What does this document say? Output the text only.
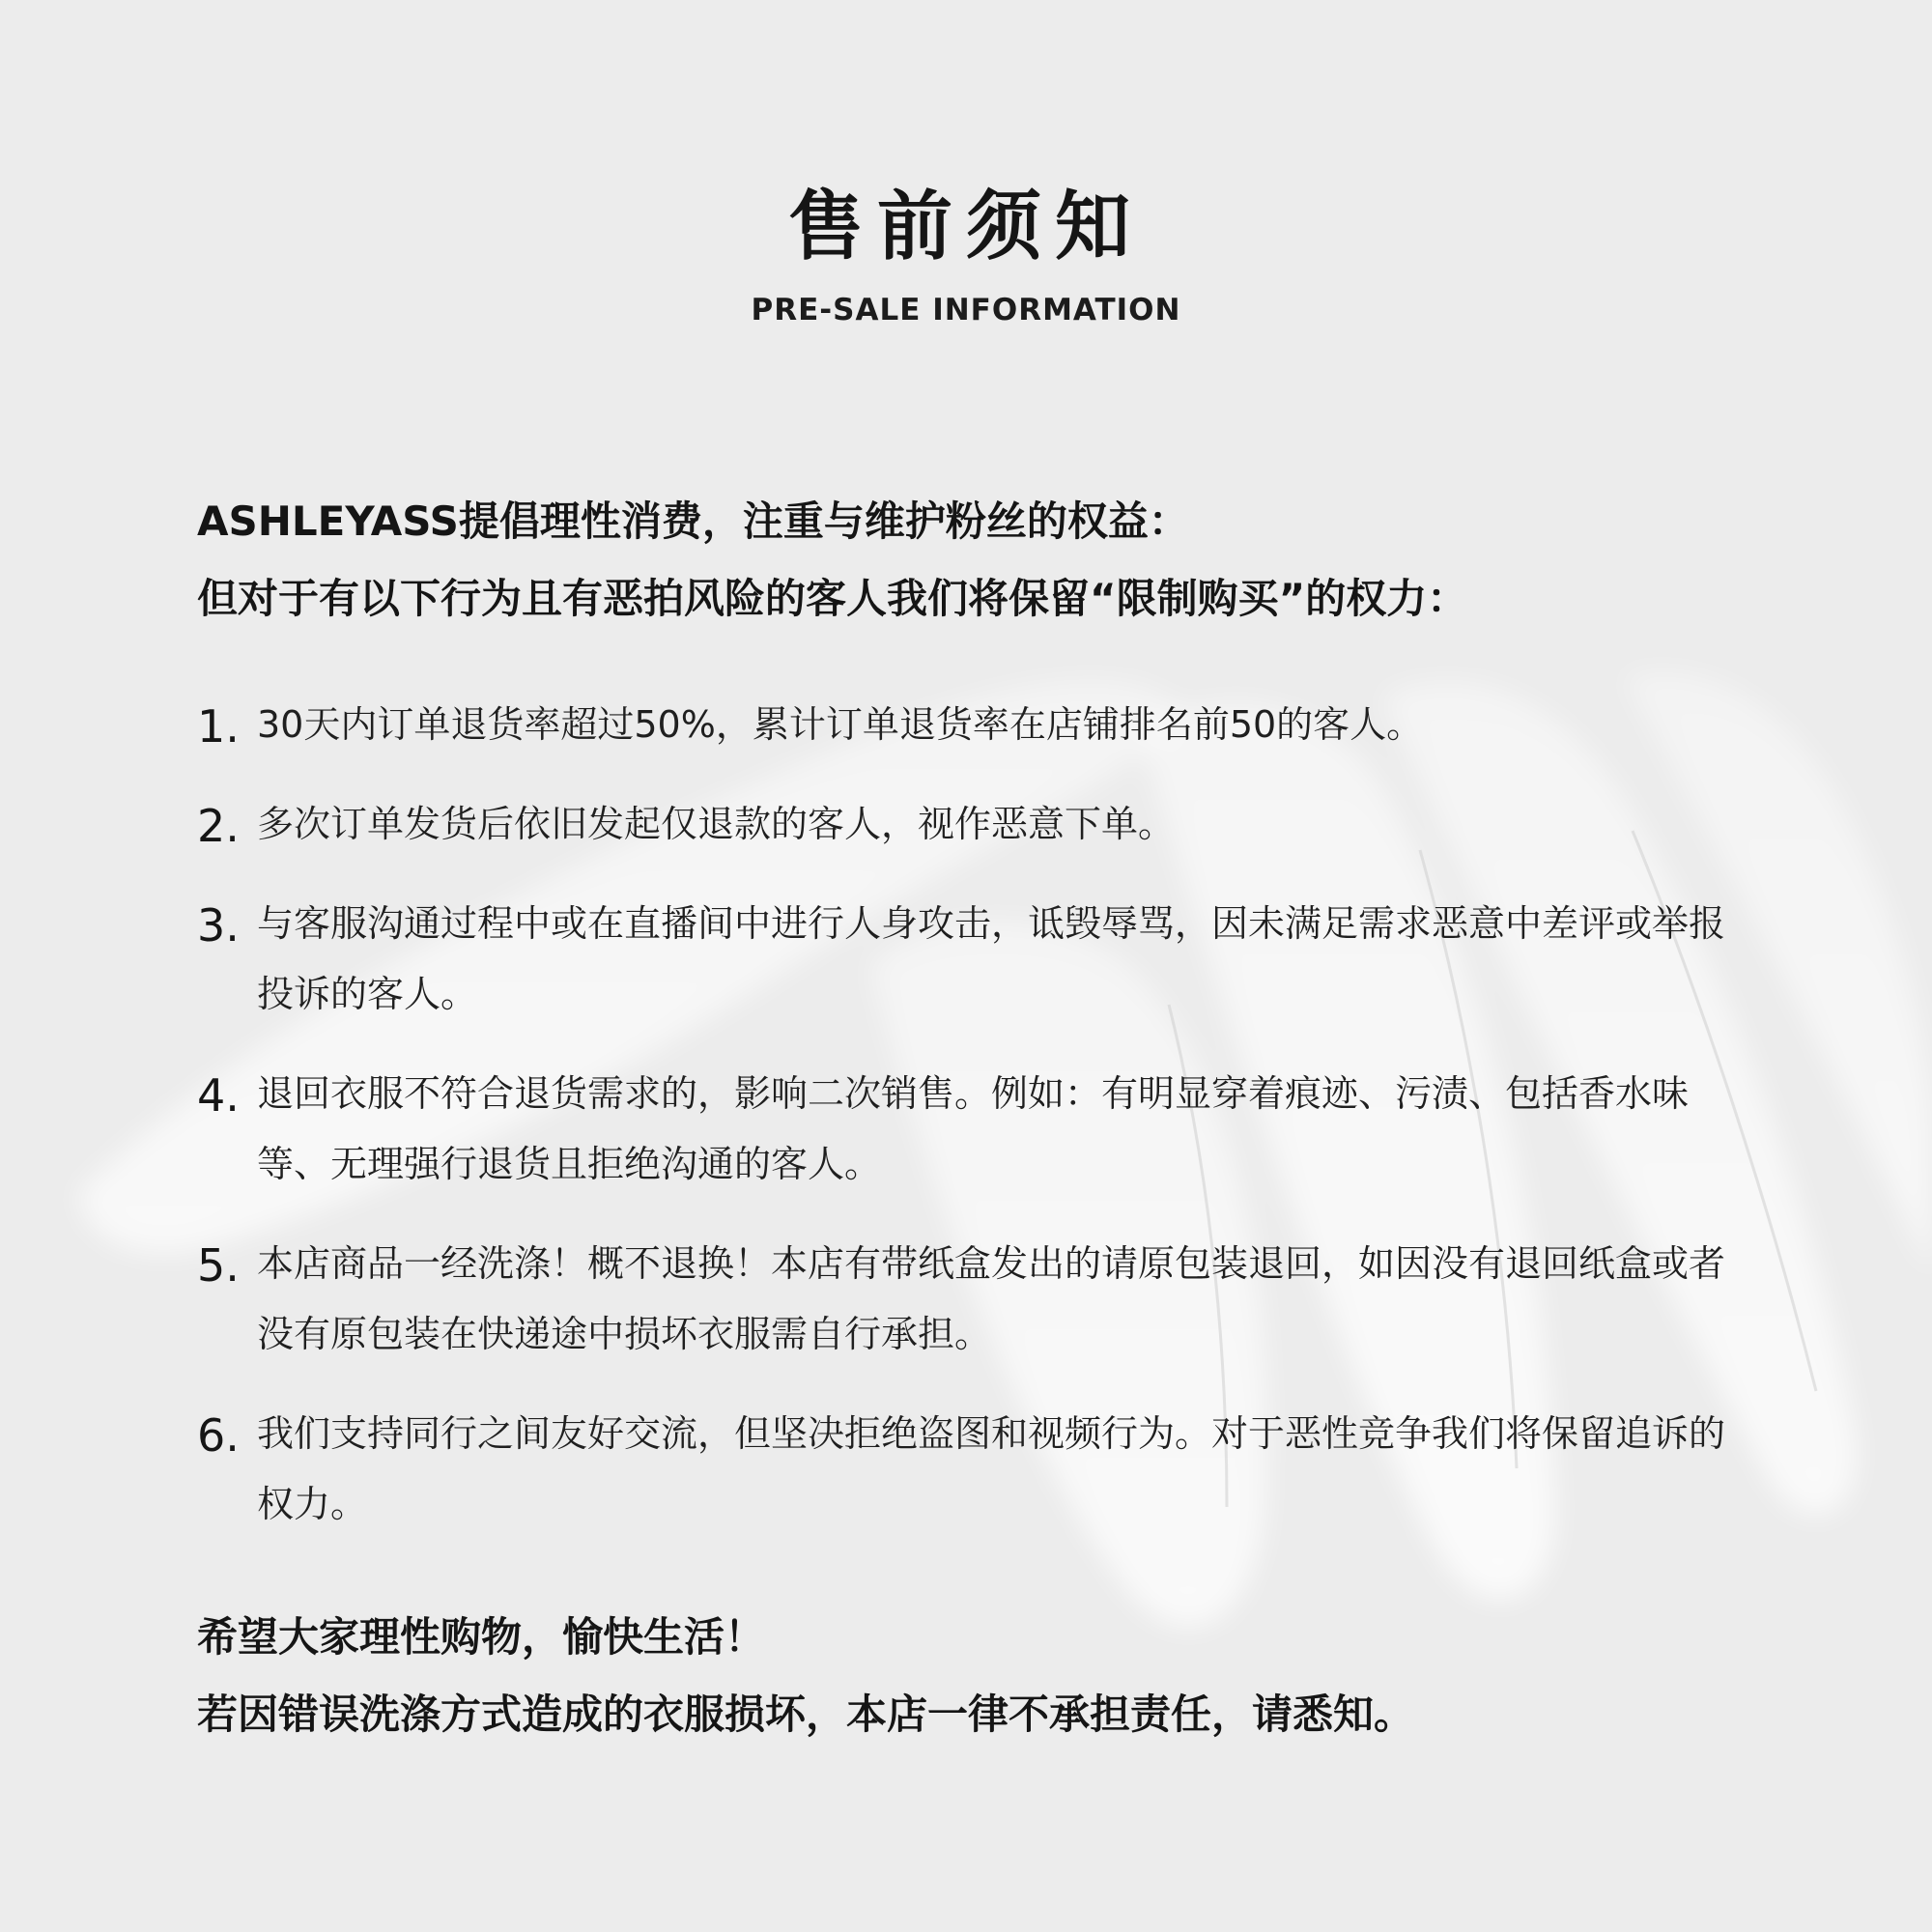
售前须知
PRE-SALE INFORMATION
ASHLEYASS提倡理性消费，注重与维护粉丝的权益：
但对于有以下行为且有恶拍风险的客人我们将保留“限制购买”的权力：
1. 30天内订单退货率超过50%，累计订单退货率在店铺排名前50的客人。
2. 多次订单发货后依旧发起仅退款的客人，视作恶意下单。
3. 与客服沟通过程中或在直播间中进行人身攻击，诋毁辱骂，因未满足需求恶意中差评或举报投诉的客人。
4. 退回衣服不符合退货需求的，影响二次销售。例如：有明显穿着痕迹、污渍、包括香水味等、无理强行退货且拒绝沟通的客人。
5. 本店商品一经洗涤！概不退换！本店有带纸盒发出的请原包装退回，如因没有退回纸盒或者没有原包装在快递途中损坏衣服需自行承担。
6. 我们支持同行之间友好交流，但坚决拒绝盗图和视频行为。对于恶性竞争我们将保留追诉的权力。
希望大家理性购物，愉快生活！
若因错误洗涤方式造成的衣服损坏，本店一律不承担责任，请悉知。
